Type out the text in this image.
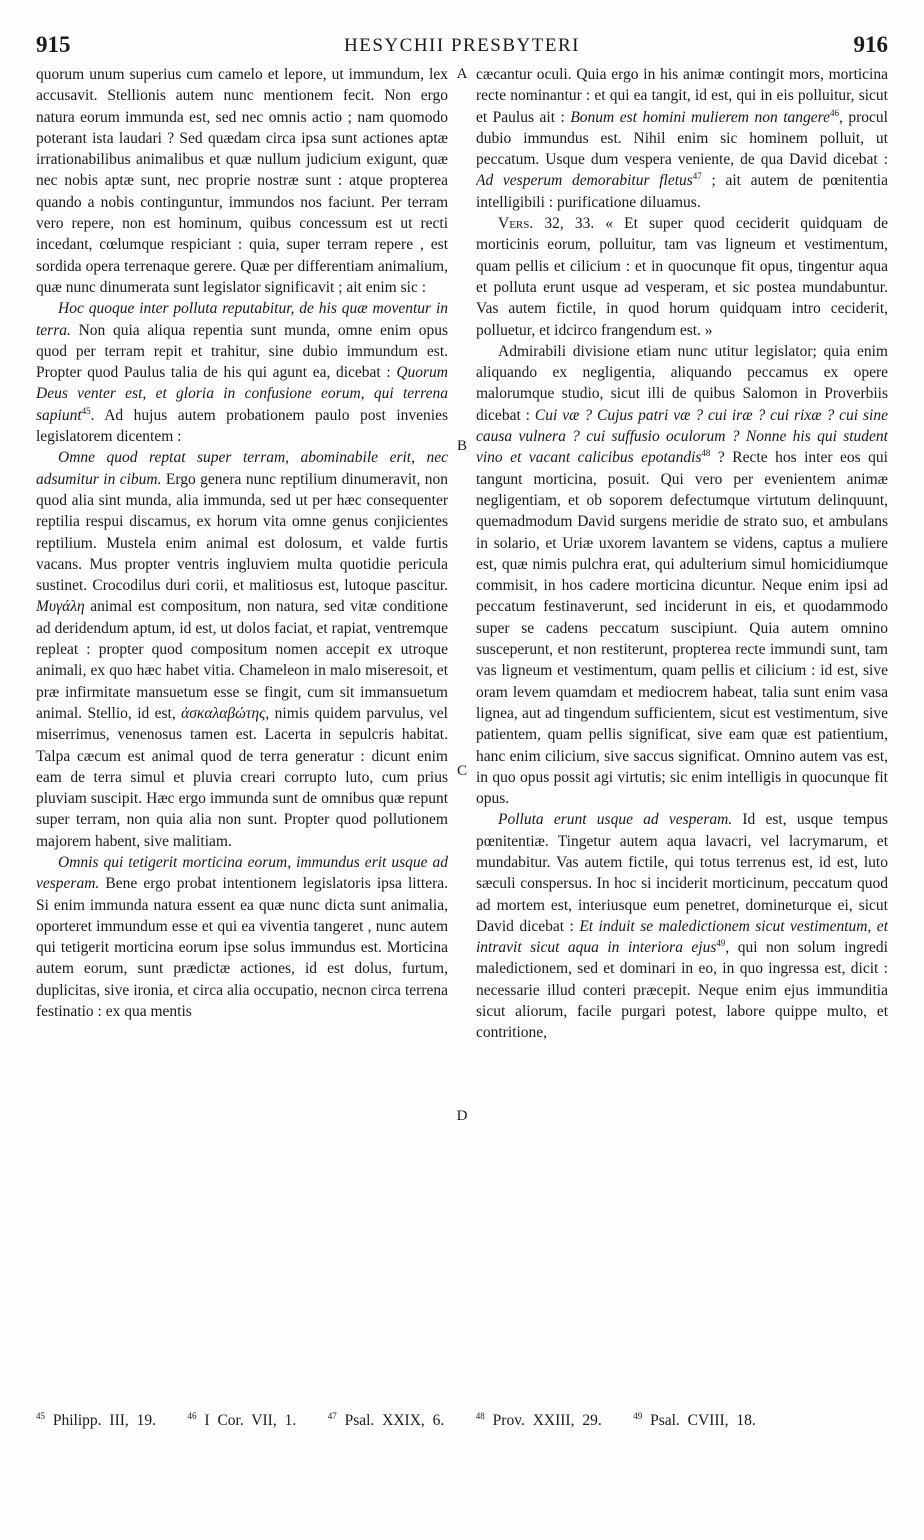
915	HESYCHII PRESBYTERI	916

quorum unum superius cum camelo et lepore, ut immundum, lex accusavit. Stellionis autem nunc mentionem fecit. Non ergo natura eorum immunda est, sed nec omnis actio ; nam quomodo poterant ista laudari ? Sed quædam circa ipsa sunt actiones aptæ irrationabilibus animalibus et quæ nullum judicium exigunt, quæ nec nobis aptæ sunt, nec proprie nostræ sunt : atque propterea quando a nobis continguntur, immundos nos faciunt. Per terram vero repere, non est hominum, quibus concessum est ut recti incedant, cœlumque respiciant : quia, super terram repere , est sordida opera terrenaque gerere. Quæ per differentiam animalium, quæ nunc dinumerata sunt legislator significavit ; ait enim sic :

Hoc quoque inter polluta reputabitur, de his quæ moventur in terra. Non quia aliqua repentia sunt munda, omne enim opus quod per terram repit et trahitur, sine dubio immundum est. Propter quod Paulus talia de his qui agunt ea, dicebat : Quorum Deus venter est, et gloria in confusione eorum, qui terrena sapiunt$^{45}$. Ad hujus autem probationem paulo post invenies legislatorem dicentem :

Omne quod reptat super terram, abominabile erit, nec adsumitur in cibum. Ergo genera nunc reptilium dinumeravit, non quod alia sint munda, alia immunda, sed ut per hæc consequenter reptilia respui discamus, ex horum vita omne genus conjicientes reptilium. Mustela enim animal est dolosum, et valde furtis vacans. Mus propter ventris ingluviem multa quotidie pericula sustinet. Crocodilus duri corii, et malitiosus est, lutoque pascitur. Μυγάλη animal est compositum, non natura, sed vitæ conditione ad deridendum aptum, id est, ut dolos faciat, et rapiat, ventremque repleat : propter quod compositum nomen accepit ex utroque animali, ex quo hæc habet vitia. Chameleon in malo miseresoit, et præ infirmitate mansuetum esse se fingit, cum sit immansuetum animal. Stellio, id est, ἀσκαλαβώτης, nimis quidem parvulus, vel miserrimus, venenosus tamen est. Lacerta in sepulcris habitat. Talpa cæcum est animal quod de terra generatur : dicunt enim eam de terra simul et pluvia creari corrupto luto, cum prius pluviam suscipit. Hæc ergo immunda sunt de omnibus quæ repunt super terram, non quia alia non sunt. Propter quod pollutionem majorem habent, sive malitiam.

Omnis qui tetigerit morticina eorum, immundus erit usque ad vesperam. Bene ergo probat intentionem legislatoris ipsa littera. Si enim immunda natura essent ea quæ nunc dicta sunt animalia, oporteret immundum esse et qui ea viventia tangeret , nunc autem qui tetigerit morticina eorum ipse solus immundus est. Morticina autem eorum, sunt prædictæ actiones, id est dolus, furtum, duplicitas, sive ironia, et circa alia occupatio, necnon circa terrena festinatio : ex qua mentis

A
B
C
D

cæcantur oculi. Quia ergo in his animæ contingit mors, morticina recte nominantur : et qui ea tangit, id est, qui in eis polluitur, sicut et Paulus ait : Bonum est homini mulierem non tangere$^{46}$, procul dubio immundus est. Nihil enim sic hominem polluit, ut peccatum. Usque dum vespera veniente, de qua David dicebat : Ad vesperum demorabitur fletus$^{47}$ ; ait autem de pœnitentia intelligibili : purificatione diluamus.

Vers. 32, 33. « Et super quod ceciderit quidquam de morticinis eorum, polluitur, tam vas ligneum et vestimentum, quam pellis et cilicium : et in quocunque fit opus, tingentur aqua et polluta erunt usque ad vesperam, et sic postea mundabuntur. Vas autem fictile, in quod horum quidquam intro ceciderit, polluetur, et idcirco frangendum est. »

Admirabili divisione etiam nunc utitur legislator; quia enim aliquando ex negligentia, aliquando peccamus ex opere malorumque studio, sicut illi de quibus Salomon in Proverbiis dicebat : Cui væ ? Cujus patri væ ? cui iræ ? cui rixæ ? cui sine causa vulnera ? cui suffusio oculorum ? Nonne his qui student vino et vacant calicibus epotandis$^{48}$ ? Recte hos inter eos qui tangunt morticina, posuit. Qui vero per evenientem animæ negligentiam, et ob soporem defectumque virtutum delinquunt, quemadmodum David surgens meridie de strato suo, et ambulans in solario, et Uriæ uxorem lavantem se videns, captus a muliere est, quæ nimis pulchra erat, qui adulterium simul homicidiumque commisit, in hos cadere morticina dicuntur. Neque enim ipsi ad peccatum festinaverunt, sed inciderunt in eis, et quodammodo super se cadens peccatum suscipiunt. Quia autem omnino susceperunt, et non restiterunt, propterea recte immundi sunt, tam vas ligneum et vestimentum, quam pellis et cilicium : id est, sive oram levem quamdam et mediocrem habeat, talia sunt enim vasa lignea, aut ad tingendum sufficientem, sicut est vestimentum, sive patientem, quam pellis significat, sive eam quæ est patientium, hanc enim cilicium, sive saccus significat. Omnino autem vas est, in quo opus possit agi virtutis; sic enim intelligis in quocunque fit opus.

Polluta erunt usque ad vesperam. Id est, usque tempus pœnitentiæ. Tingetur autem aqua lavacri, vel lacrymarum, et mundabitur. Vas autem fictile, qui totus terrenus est, id est, luto sæculi conspersus. In hoc si inciderit morticinum, peccatum quod ad mortem est, interiusque eum penetret, domineturque ei, sicut David dicebat : Et induit se maledictionem sicut vestimentum, et intravit sicut aqua in interiora ejus$^{49}$, qui non solum ingredi maledictionem, sed et dominari in eo, in quo ingressa est, dicit : necessarie illud conteri præcepit. Neque enim ejus immunditia sicut aliorum, facile purgari potest, labore quippe multo, et contritione,

$^{45}$ Philipp. III, 19.	$^{46}$ I Cor. VII, 1.	$^{47}$ Psal. XXIX, 6.	$^{48}$ Prov. XXIII, 29.	$^{49}$ Psal. CVIII, 18.
